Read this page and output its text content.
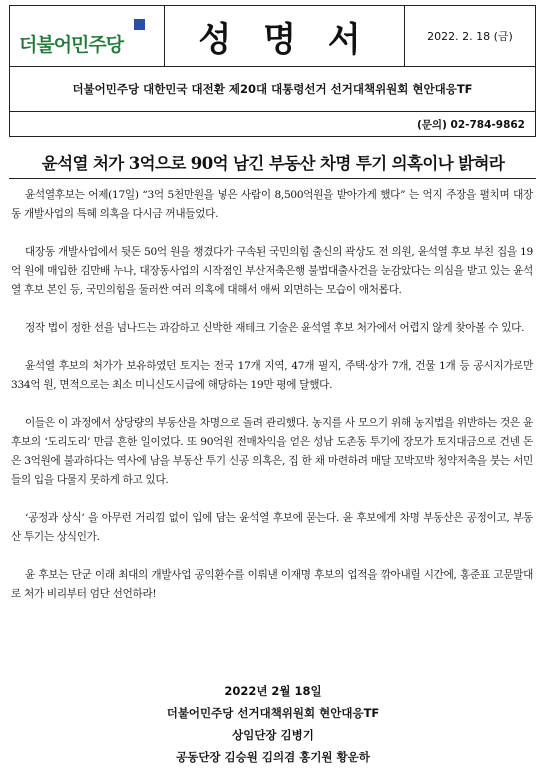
더불어민주당 성 명 서	2022. 2. 18 (금)
더불어민주당 대한민국 대전환 제20대 대통령선거 선거대책위원회 현안대응TF
(문의) 02-784-9862
윤석열 처가 3억으로 90억 남긴 부동산 차명 투기 의혹이나 밝혀라

윤석열후보는 어제(17일) “3억 5천만원을 넣은 사람이 8,500억원을 받아가게 했다” 는 억지 주장을 펼치며 대장동 개발사업의 특혜 의혹을 다시금 꺼내들었다.

대장동 개발사업에서 뒷돈 50억 원을 챙겼다가 구속된 국민의힘 출신의 곽상도 전 의원, 윤석열 후보 부친 집을 19억 원에 매입한 김만배 누나, 대장동사업의 시작점인 부산저축은행 불법대출사건을 눈감았다는 의심을 받고 있는 윤석열 후보 본인 등, 국민의힘을 둘러싼 여러 의혹에 대해서 애써 외면하는 모습이 애처롭다.

정작 법이 정한 선을 넘나드는 과감하고 신박한 재테크 기술은 윤석열 후보 처가에서 어렵지 않게 찾아볼 수 있다.

윤석열 후보의 처가가 보유하였던 토지는 전국 17개 지역, 47개 필지, 주택·상가 7개, 건물 1개 등 공시지가로만 334억 원, 면적으로는 최소 미니신도시급에 해당하는 19만 평에 달했다.

이들은 이 과정에서 상당량의 부동산을 차명으로 돌려 관리했다. 농지를 사 모으기 위해 농지법을 위반하는 것은 윤 후보의 ‘도리도리’ 만큼 흔한 일이었다. 또 90억원 전매차익을 얻은 성남 도촌동 투기에 장모가 토지대금으로 건넨 돈은 3억원에 불과하다는 역사에 남을 부동산 투기 신공 의혹은, 집 한 채 마련하려 매달 꼬박꼬박 청약저축을 붓는 서민들의 입을 다물지 못하게 하고 있다.

‘공정과 상식’ 을 아무런 거리낌 없이 입에 담는 윤석열 후보에 묻는다. 윤 후보에게 차명 부동산은 공정이고, 부동산 투기는 상식인가.

윤 후보는 단군 이래 최대의 개발사업 공익환수를 이뤄낸 이재명 후보의 업적을 깎아내릴 시간에, 홍준표 고문말대로 처가 비리부터 엄단 선언하라!

2022년 2월 18일
더불어민주당 선거대책위원회 현안대응TF
상임단장 김병기
공동단장 김승원 김의겸 홍기원 황운하
